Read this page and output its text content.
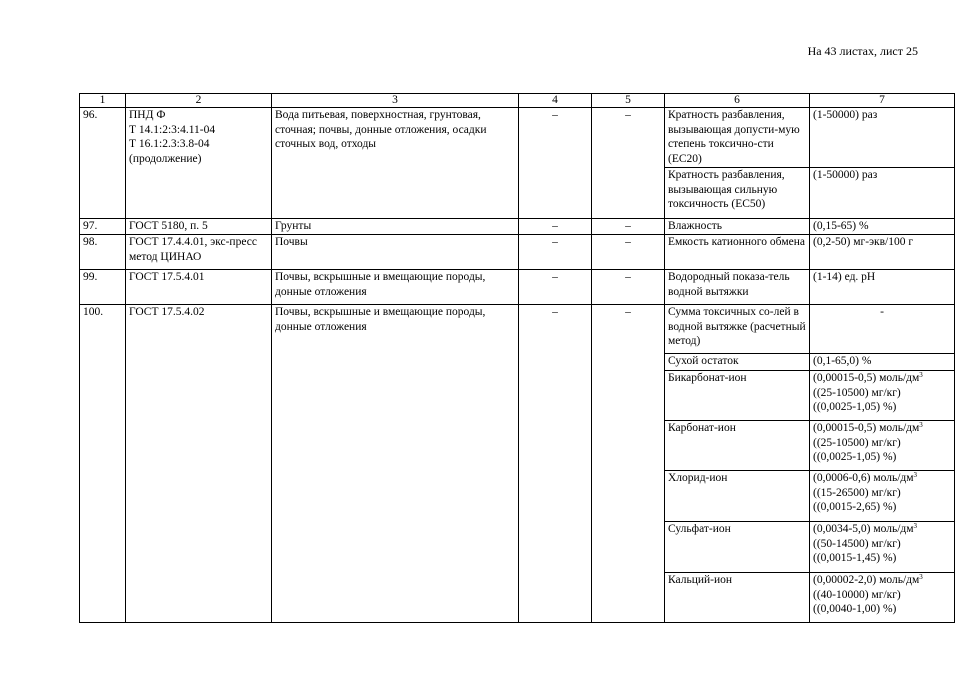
На 43 листах, лист 25
1	2	3	4	5	6	7
96.	ПНД Ф
Т 14.1:2:3:4.11-04
Т 16.1:2.3:3.8-04
(продолжение)	Вода питьевая, поверхностная, грунтовая, сточная; почвы, донные отложения, осадки сточных вод, отходы	–	–	Кратность разбавления, вызывающая допусти-мую степень токсично-сти (ЕС20)	(1-50000) раз
					Кратность разбавления, вызывающая сильную токсичность (ЕС50)	(1-50000) раз
97.	ГОСТ 5180, п. 5	Грунты	–	–	Влажность	(0,15-65) %
98.	ГОСТ 17.4.4.01, экс-пресс метод ЦИНАО	Почвы	–	–	Емкость катионного обмена	(0,2-50) мг-экв/100 г
99.	ГОСТ 17.5.4.01	Почвы, вскрышные и вмещающие породы, донные отложения	–	–	Водородный показа-тель водной вытяжки	(1-14) ед. pH
100.	ГОСТ 17.5.4.02	Почвы, вскрышные и вмещающие породы, донные отложения	–	–	Сумма токсичных со-лей в водной вытяжке (расчетный метод)	-
					Сухой остаток	(0,1-65,0) %
					Бикарбонат-ион	(0,00015-0,5) моль/$дм^3$
((25-10500) мг/кг)
((0,0025-1,05) %)

					Карбонат-ион	(0,00015-0,5) моль/$дм^3$
((25-10500) мг/кг)
((0,0025-1,05) %)

					Хлорид-ион	(0,0006-0,6) моль/$дм^3$
((15-26500) мг/кг)
((0,0015-2,65) %)

					Сульфат-ион	(0,0034-5,0) моль/$дм^3$
((50-14500) мг/кг)
((0,0015-1,45) %)

					Кальций-ион	(0,00002-2,0) моль/$дм^3$
((40-10000) мг/кг)
((0,0040-1,00) %)
